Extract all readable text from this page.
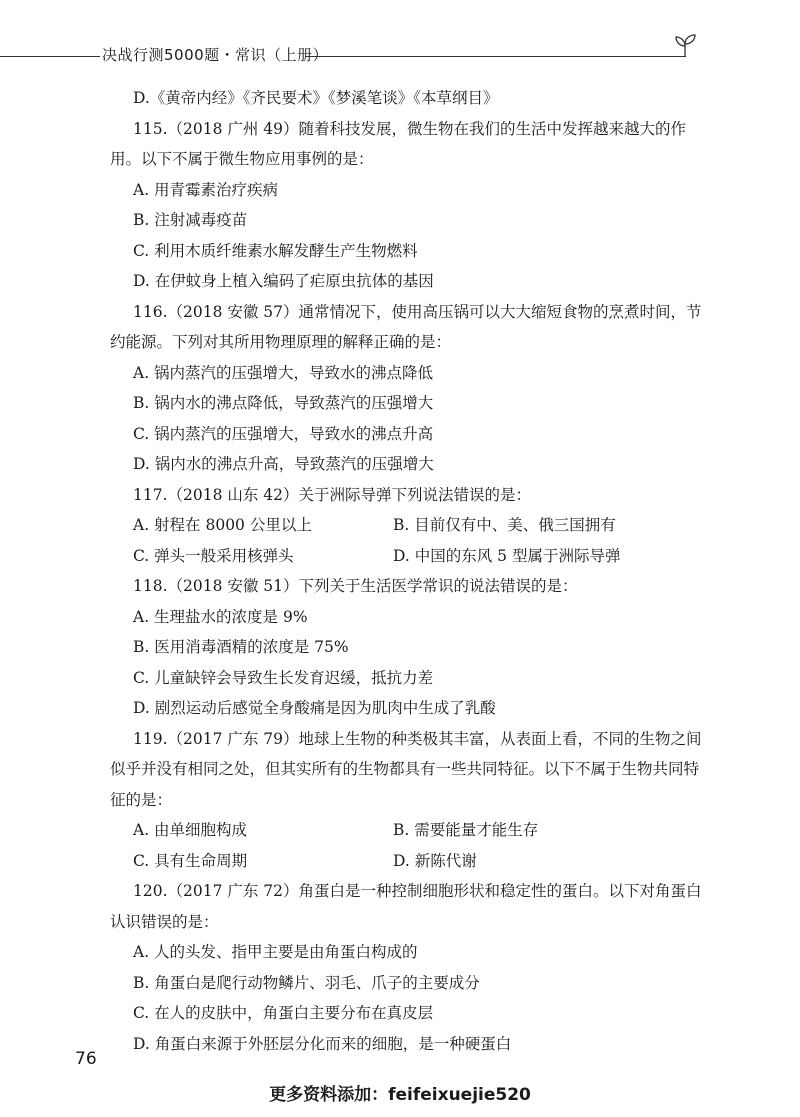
决战行测5000题・常识（上册）
D.《黄帝内经》《齐民要术》《梦溪笔谈》《本草纲目》
115.（2018 广州 49）随着科技发展，微生物在我们的生活中发挥越来越大的作
用。以下不属于微生物应用事例的是：
A. 用青霉素治疗疾病
B. 注射减毒疫苗
C. 利用木质纤维素水解发酵生产生物燃料
D. 在伊蚊身上植入编码了疟原虫抗体的基因
116.（2018 安徽 57）通常情况下，使用高压锅可以大大缩短食物的烹煮时间，节
约能源。下列对其所用物理原理的解释正确的是：
A. 锅内蒸汽的压强增大，导致水的沸点降低
B. 锅内水的沸点降低，导致蒸汽的压强增大
C. 锅内蒸汽的压强增大，导致水的沸点升高
D. 锅内水的沸点升高，导致蒸汽的压强增大
117.（2018 山东 42）关于洲际导弹下列说法错误的是：
A. 射程在 8000 公里以上	B. 目前仅有中、美、俄三国拥有
C. 弹头一般采用核弹头	D. 中国的东风 5 型属于洲际导弹
118.（2018 安徽 51）下列关于生活医学常识的说法错误的是：
A. 生理盐水的浓度是 9%
B. 医用消毒酒精的浓度是 75%
C. 儿童缺锌会导致生长发育迟缓，抵抗力差
D. 剧烈运动后感觉全身酸痛是因为肌肉中生成了乳酸
119.（2017 广东 79）地球上生物的种类极其丰富，从表面上看，不同的生物之间
似乎并没有相同之处，但其实所有的生物都具有一些共同特征。以下不属于生物共同特
征的是：
A. 由单细胞构成	B. 需要能量才能生存
C. 具有生命周期	D. 新陈代谢
120.（2017 广东 72）角蛋白是一种控制细胞形状和稳定性的蛋白。以下对角蛋白
认识错误的是：
A. 人的头发、指甲主要是由角蛋白构成的
B. 角蛋白是爬行动物鳞片、羽毛、爪子的主要成分
C. 在人的皮肤中，角蛋白主要分布在真皮层
D. 角蛋白来源于外胚层分化而来的细胞，是一种硬蛋白
76
更多资料添加：feifeixuejie520
